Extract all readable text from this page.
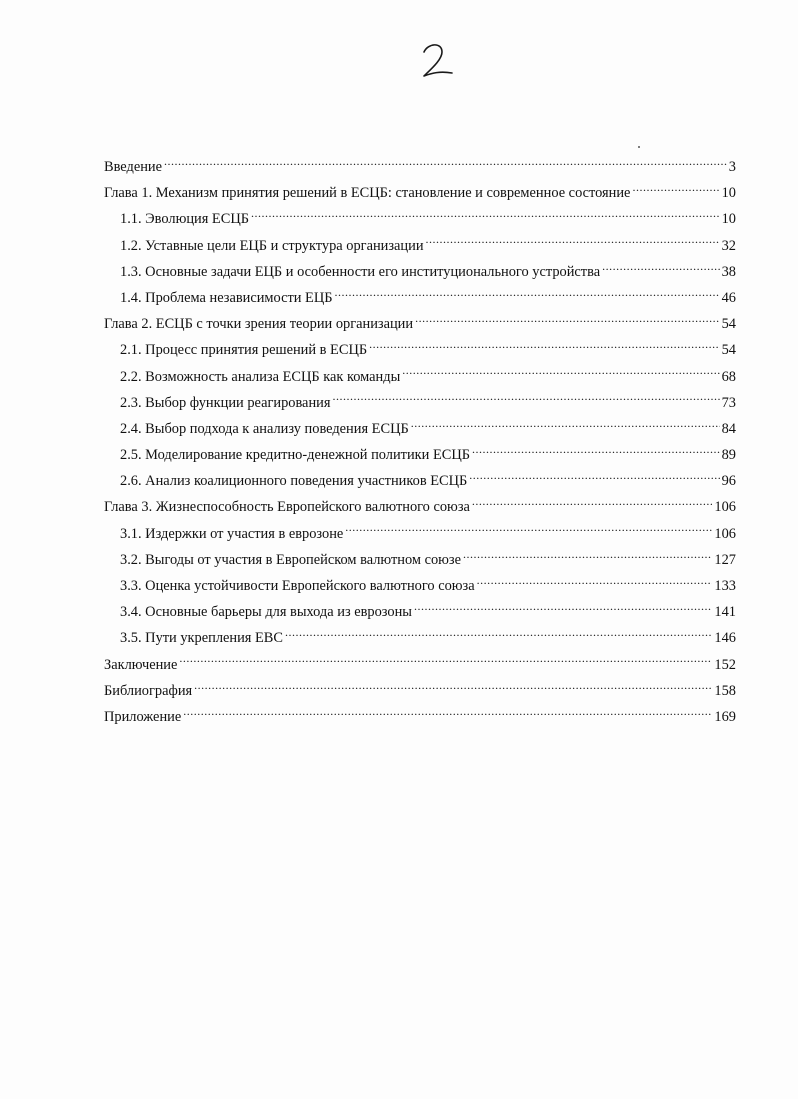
Введение .....	3
Глава 1. Механизм принятия решений в ЕСЦБ: становление и современное состояние .....	10
1.1. Эволюция ЕСЦБ .....	10
1.2. Уставные цели ЕЦБ и структура организации .....	32
1.3. Основные задачи ЕЦБ и особенности его институционального устройства .....	38
1.4. Проблема независимости ЕЦБ .....	46
Глава 2. ЕСЦБ с точки зрения теории организации .....	54
2.1. Процесс принятия решений в ЕСЦБ .....	54
2.2. Возможность анализа ЕСЦБ как команды .....	68
2.3. Выбор функции реагирования .....	73
2.4. Выбор подхода к анализу поведения ЕСЦБ .....	84
2.5. Моделирование кредитно-денежной политики ЕСЦБ .....	89
2.6. Анализ коалиционного поведения участников ЕСЦБ .....	96
Глава 3. Жизнеспособность Европейского валютного союза .....	106
3.1. Издержки от участия в еврозоне .....	106
3.2. Выгоды от участия в Европейском валютном союзе .....	127
3.3. Оценка устойчивости Европейского валютного союза .....	133
3.4. Основные барьеры для выхода из еврозоны .....	141
3.5. Пути укрепления ЕВС .....	146
Заключение .....	152
Библиография .....	158
Приложение .....	169
